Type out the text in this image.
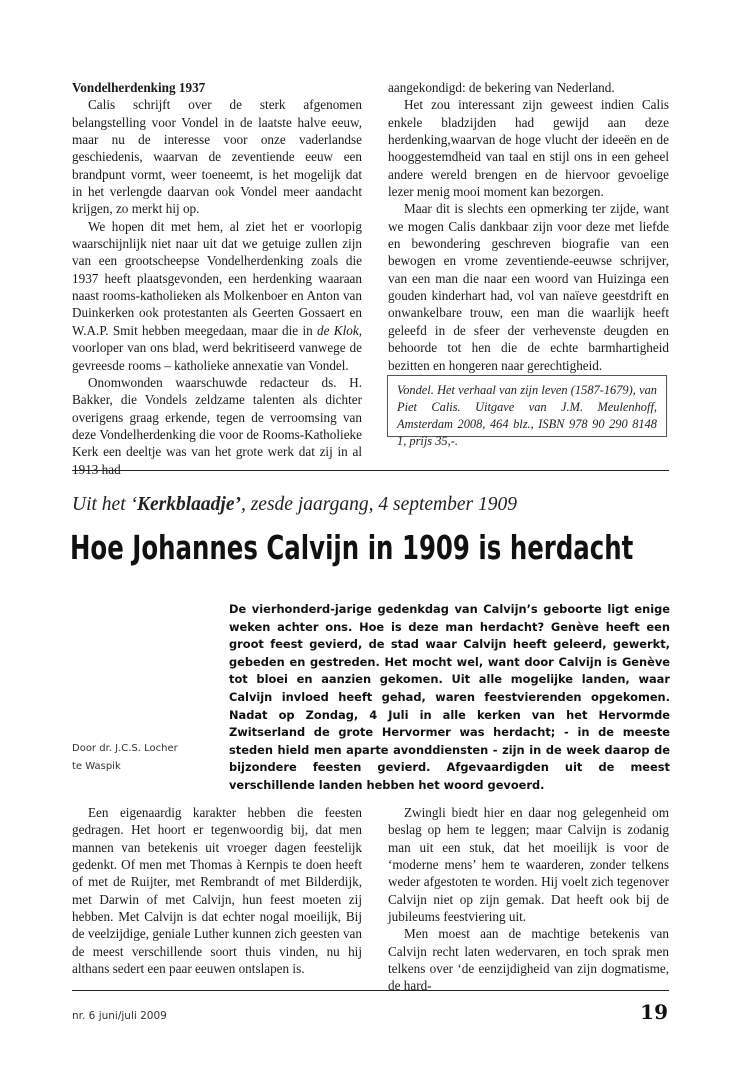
Vondelherdenking 1937

Calis schrijft over de sterk afgenomen belangstelling voor Vondel in de laatste halve eeuw, maar nu de interesse voor onze vaderlandse geschiedenis, waarvan de zeventiende eeuw een brandpunt vormt, weer toeneemt, is het mogelijk dat in het verlengde daarvan ook Vondel meer aandacht krijgen, zo merkt hij op.

We hopen dit met hem, al ziet het er voorlopig waarschijnlijk niet naar uit dat we getuige zullen zijn van een grootscheepse Vondelherdenking zoals die 1937 heeft plaatsgevonden, een herdenking waaraan naast rooms-katholieken als Molkenboer en Anton van Duinkerken ook protestanten als Geerten Gossaert en W.A.P. Smit hebben meegedaan, maar die in de Klok, voorloper van ons blad, werd bekritiseerd vanwege de gevreesde rooms – katholieke annexatie van Vondel.

Onomwonden waarschuwde redacteur ds. H. Bakker, die Vondels zeldzame talenten als dichter overigens graag erkende, tegen de verroomsing van deze Vondelherdenking die voor de Rooms-Katholieke Kerk een deeltje was van het grote werk dat zij in al 1913 had

aangekondigd: de bekering van Nederland.

Het zou interessant zijn geweest indien Calis enkele bladzijden had gewijd aan deze herdenking,waarvan de hoge vlucht der ideeën en de hooggestemdheid van taal en stijl ons in een geheel andere wereld brengen en de hiervoor gevoelige lezer menig mooi moment kan bezorgen.

Maar dit is slechts een opmerking ter zijde, want we mogen Calis dankbaar zijn voor deze met liefde en bewondering geschreven biografie van een bewogen en vrome zeventiende-eeuwse schrijver, van een man die naar een woord van Huizinga een gouden kinderhart had, vol van naïeve geestdrift en onwankelbare trouw, een man die waarlijk heeft geleefd in de sfeer der verhevenste deugden en behoorde tot hen die de echte barmhartigheid bezitten en hongeren naar gerechtigheid.

Vondel. Het verhaal van zijn leven (1587-1679), van Piet Calis. Uitgave van J.M. Meulenhoff, Amsterdam 2008, 464 blz., ISBN 978 90 290 8148 1, prijs 35,-.
Uit het ‘Kerkblaadje’, zesde jaargang, 4 september 1909
Hoe Johannes Calvijn in 1909 is herdacht
De vierhonderd-jarige gedenkdag van Calvijn’s geboorte ligt enige weken achter ons. Hoe is deze man herdacht? Genève heeft een groot feest gevierd, de stad waar Calvijn heeft geleerd, gewerkt, gebeden en gestreden. Het mocht wel, want door Calvijn is Genève tot bloei en aanzien gekomen. Uit alle mogelijke landen, waar Calvijn invloed heeft gehad, waren feestvierenden opgekomen. Nadat op Zondag, 4 Juli in alle kerken van het Hervormde Zwitserland de grote Hervormer was herdacht; - in de meeste steden hield men aparte avonddiensten - zijn in de week daarop de bijzondere feesten gevierd. Afgevaardigden uit de meest verschillende landen hebben het woord gevoerd.
Door dr. J.C.S. Locher
te Waspik

Een eigenaardig karakter hebben die feesten gedragen. Het hoort er tegenwoordig bij, dat men mannen van betekenis uit vroeger dagen feestelijk gedenkt. Of men met Thomas à Kernpis te doen heeft of met de Ruijter, met Rembrandt of met Bilderdijk, met Darwin of met Calvijn, hun feest moeten zij hebben. Met Calvijn is dat echter nogal moeilijk, Bij de veelzijdige, geniale Luther kunnen zich geesten van de meest verschillende soort thuis vinden, nu hij althans sedert een paar eeuwen ontslapen is.

Zwingli biedt hier en daar nog gelegenheid om beslag op hem te leggen; maar Calvijn is zodanig man uit een stuk, dat het moeilijk is voor de ‘moderne mens’ hem te waarderen, zonder telkens weder afgestoten te worden. Hij voelt zich tegenover Calvijn niet op zijn gemak. Dat heeft ook bij de jubileums feestviering uit.

Men moest aan de machtige betekenis van Calvijn recht laten wedervaren, en toch sprak men telkens over ‘de eenzijdigheid van zijn dogmatisme, de hard-

nr. 6 juni/juli 2009	19
